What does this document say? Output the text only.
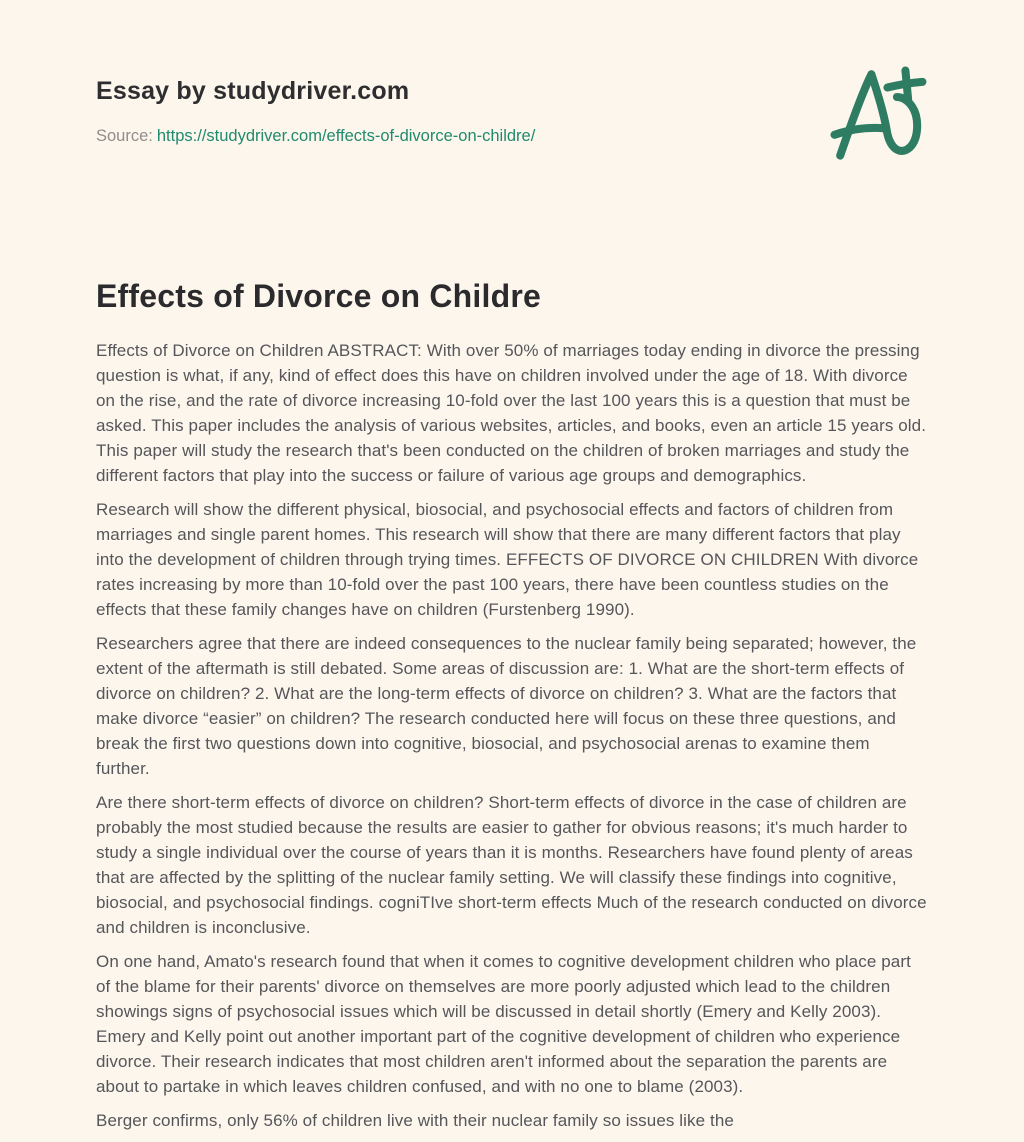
Essay by studydriver.com
Source: https://studydriver.com/effects-of-divorce-on-childre/
Effects of Divorce on Childre

Effects of Divorce on Children ABSTRACT: With over 50% of marriages today ending in divorce the pressing question is what, if any, kind of effect does this have on children involved under the age of 18. With divorce on the rise, and the rate of divorce increasing 10-fold over the last 100 years this is a question that must be asked. This paper includes the analysis of various websites, articles, and books, even an article 15 years old. This paper will study the research that's been conducted on the children of broken marriages and study the different factors that play into the success or failure of various age groups and demographics.

Research will show the different physical, biosocial, and psychosocial effects and factors of children from marriages and single parent homes. This research will show that there are many different factors that play into the development of children through trying times. EFFECTS OF DIVORCE ON CHILDREN With divorce rates increasing by more than 10-fold over the past 100 years, there have been countless studies on the effects that these family changes have on children (Furstenberg 1990).

Researchers agree that there are indeed consequences to the nuclear family being separated; however, the extent of the aftermath is still debated. Some areas of discussion are: 1. What are the short-term effects of divorce on children? 2. What are the long-term effects of divorce on children? 3. What are the factors that make divorce “easier” on children? The research conducted here will focus on these three questions, and break the first two questions down into cognitive, biosocial, and psychosocial arenas to examine them further.

Are there short-term effects of divorce on children? Short-term effects of divorce in the case of children are probably the most studied because the results are easier to gather for obvious reasons; it's much harder to study a single individual over the course of years than it is months. Researchers have found plenty of areas that are affected by the splitting of the nuclear family setting. We will classify these findings into cognitive, biosocial, and psychosocial findings. cogniTIve short-term effects Much of the research conducted on divorce and children is inconclusive.

On one hand, Amato's research found that when it comes to cognitive development children who place part of the blame for their parents' divorce on themselves are more poorly adjusted which lead to the children showings signs of psychosocial issues which will be discussed in detail shortly (Emery and Kelly 2003). Emery and Kelly point out another important part of the cognitive development of children who experience divorce. Their research indicates that most children aren't informed about the separation the parents are about to partake in which leaves children confused, and with no one to blame (2003).

Berger confirms, only 56% of children live with their nuclear family so issues like the
